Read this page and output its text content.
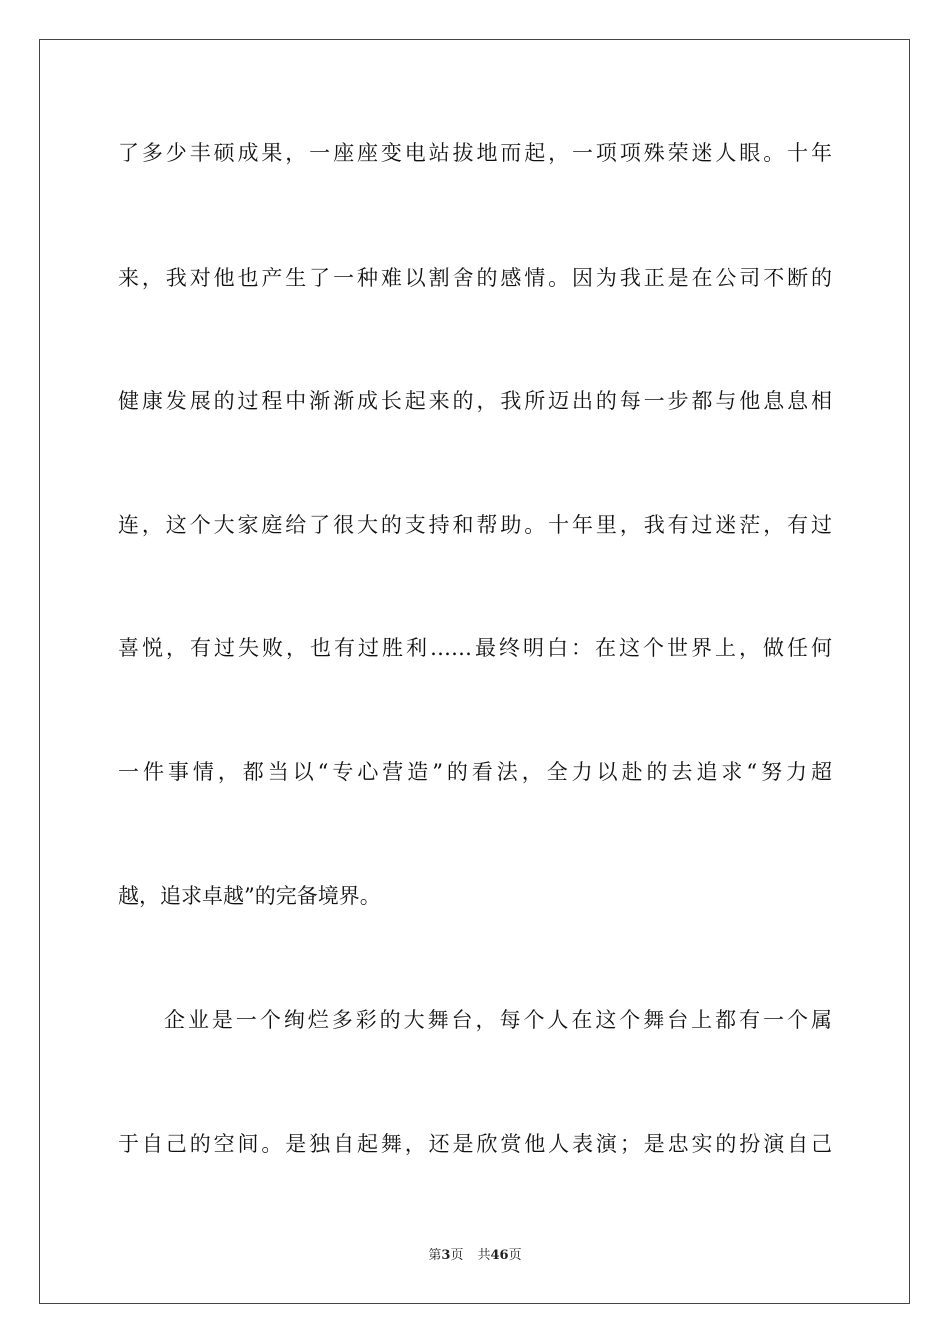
了多少丰硕成果，一座座变电站拔地而起，一项项殊荣迷人眼。十年
来，我对他也产生了一种难以割舍的感情。因为我正是在公司不断的
健康发展的过程中渐渐成长起来的，我所迈出的每一步都与他息息相
连，这个大家庭给了很大的支持和帮助。十年里，我有过迷茫，有过
喜悦，有过失败，也有过胜利……最终明白：在这个世界上，做任何
一件事情，都当以“专心营造”的看法，全力以赴的去追求“努力超
越，追求卓越”的完备境界。
企业是一个绚烂多彩的大舞台，每个人在这个舞台上都有一个属
于自己的空间。是独自起舞，还是欣赏他人表演；是忠实的扮演自己
第3页 共46页
